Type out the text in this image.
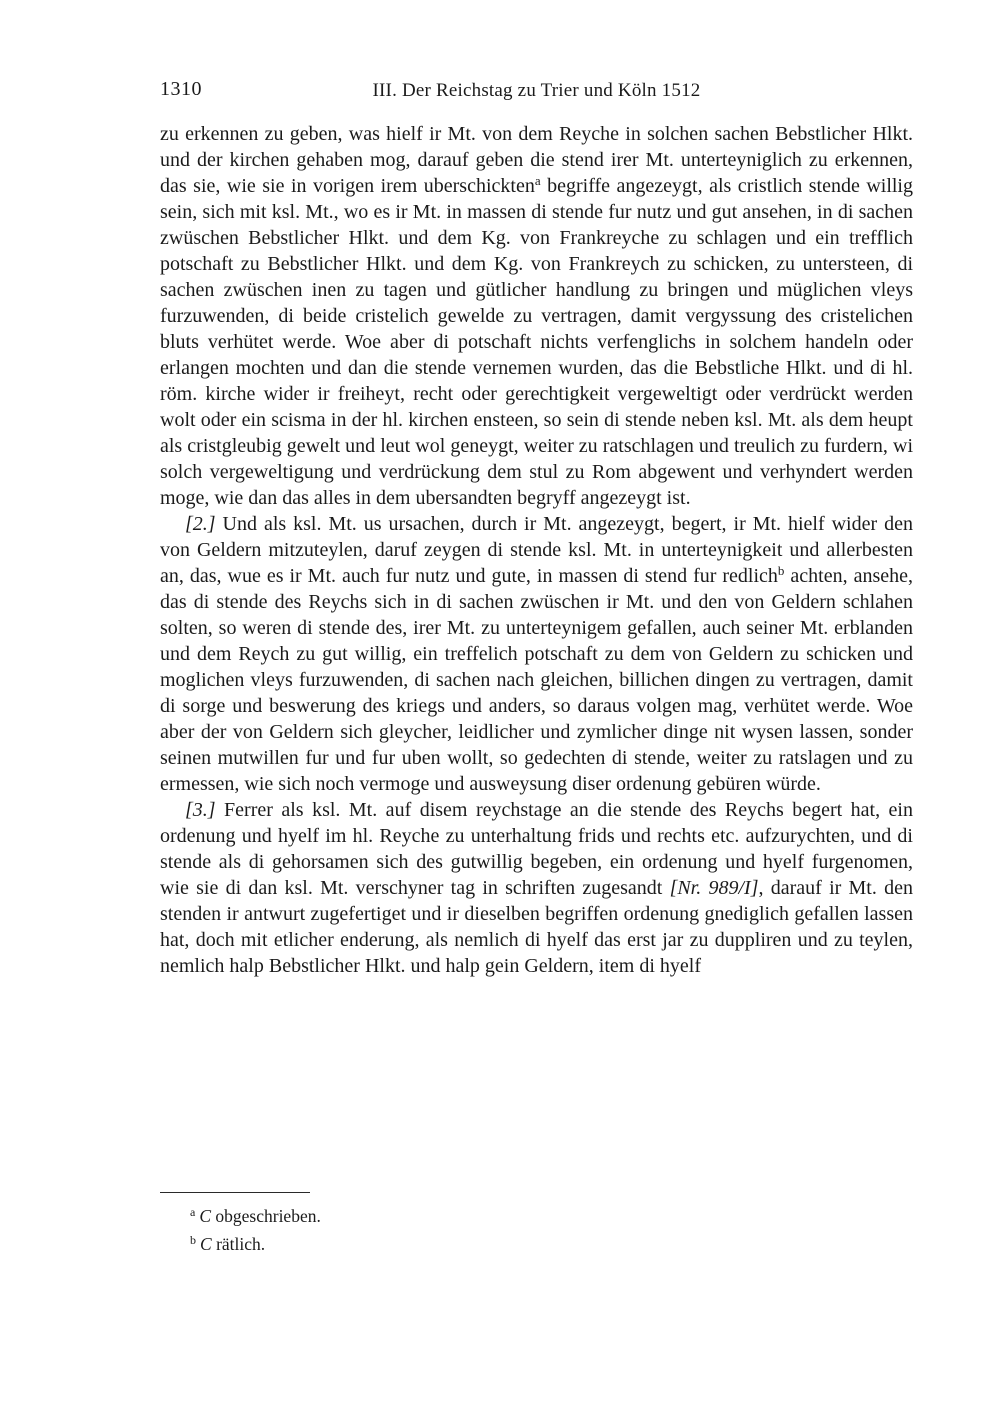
1310	III. Der Reichstag zu Trier und Köln 1512

zu erkennen zu geben, was hielf ir Mt. von dem Reyche in solchen sachen Bebstlicher Hlkt. und der kirchen gehaben mog, darauf geben die stend irer Mt. unterteyniglich zu erkennen, das sie, wie sie in vorigen irem uberschickten$^a$ begriffe angezeygt, als cristlich stende willig sein, sich mit ksl. Mt., wo es ir Mt. in massen di stende fur nutz und gut ansehen, in di sachen zwüschen Bebstlicher Hlkt. und dem Kg. von Frankreyche zu schlagen und ein trefflich potschaft zu Bebstlicher Hlkt. und dem Kg. von Frankreych zu schicken, zu untersteen, di sachen zwüschen inen zu tagen und gütlicher handlung zu bringen und müglichen vleys furzuwenden, di beide cristelich gewelde zu vertragen, damit vergyssung des cristelichen bluts verhütet werde. Woe aber di potschaft nichts verfenglichs in solchem handeln oder erlangen mochten und dan die stende vernemen wurden, das die Bebstliche Hlkt. und di hl. röm. kirche wider ir freiheyt, recht oder gerechtigkeit vergeweltigt oder verdrückt werden wolt oder ein scisma in der hl. kirchen ensteen, so sein di stende neben ksl. Mt. als dem heupt als cristgleubig gewelt und leut wol geneygt, weiter zu ratschlagen und treulich zu furdern, wi solch vergeweltigung und verdrückung dem stul zu Rom abgewent und verhyndert werden moge, wie dan das alles in dem ubersandten begryff angezeygt ist.

[2.] Und als ksl. Mt. us ursachen, durch ir Mt. angezeygt, begert, ir Mt. hielf wider den von Geldern mitzuteylen, daruf zeygen di stende ksl. Mt. in unterteynigkeit und allerbesten an, das, wue es ir Mt. auch fur nutz und gute, in massen di stend fur redlich$^b$ achten, ansehe, das di stende des Reychs sich in di sachen zwüschen ir Mt. und den von Geldern schlahen solten, so weren di stende des, irer Mt. zu unterteynigem gefallen, auch seiner Mt. erblanden und dem Reych zu gut willig, ein treffelich potschaft zu dem von Geldern zu schicken und moglichen vleys furzuwenden, di sachen nach gleichen, billichen dingen zu vertragen, damit di sorge und beswerung des kriegs und anders, so daraus volgen mag, verhütet werde. Woe aber der von Geldern sich gleycher, leidlicher und zymlicher dinge nit wysen lassen, sonder seinen mutwillen fur und fur uben wollt, so gedechten di stende, weiter zu ratslagen und zu ermessen, wie sich noch vermoge und ausweysung diser ordenung gebüren würde.

[3.] Ferrer als ksl. Mt. auf disem reychstage an die stende des Reychs begert hat, ein ordenung und hyelf im hl. Reyche zu unterhaltung frids und rechts etc. aufzurychten, und di stende als di gehorsamen sich des gutwillig begeben, ein ordenung und hyelf furgenomen, wie sie di dan ksl. Mt. verschyner tag in schriften zugesandt [Nr. 989/I], darauf ir Mt. den stenden ir antwurt zugefertiget und ir dieselben begriffen ordenung gnediglich gefallen lassen hat, doch mit etlicher enderung, als nemlich di hyelf das erst jar zu duppliren und zu teylen, nemlich halp Bebstlicher Hlkt. und halp gein Geldern, item di hyelf

$^a$ C obgeschrieben.
$^b$ C rätlich.
